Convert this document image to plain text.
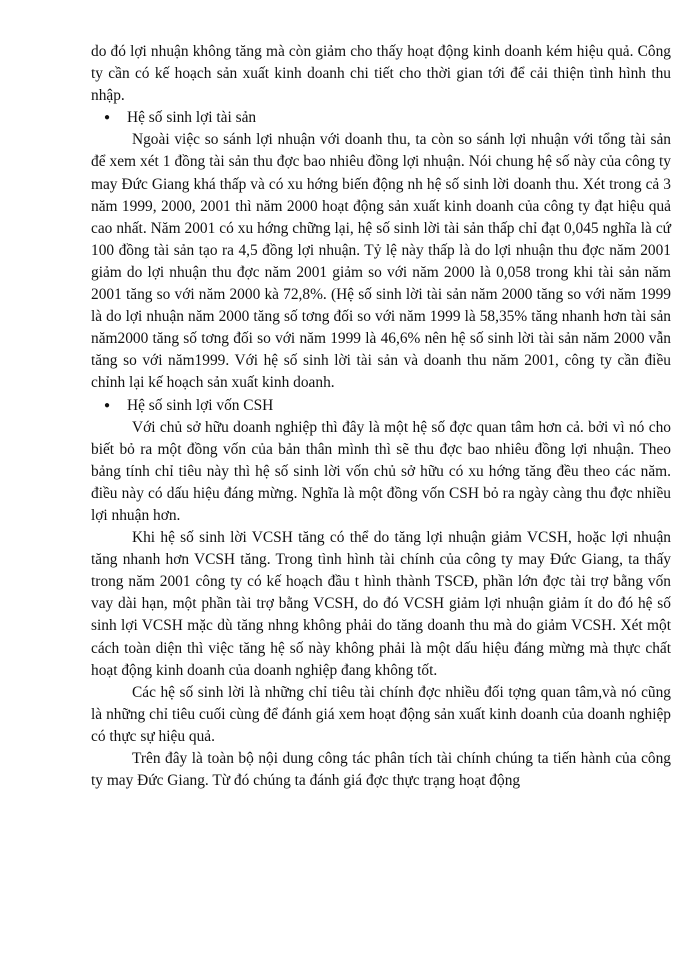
do đó lợi nhuận không tăng mà còn giảm cho thấy hoạt động kinh doanh kém hiệu quả. Công ty cần có kế hoạch sản xuất kinh doanh chi tiết cho thời gian tới để cải thiện tình hình thu nhập.

● Hệ số sinh lợi tài sản

Ngoài việc so sánh lợi nhuận với doanh thu, ta còn so sánh lợi nhuận với tổng tài sản để xem xét 1 đồng tài sản thu đợc bao nhiêu đồng lợi nhuận. Nói chung hệ số này của công ty may Đức Giang khá thấp và có xu hớng biến động nh hệ số sinh lời doanh thu. Xét trong cả 3 năm 1999, 2000, 2001 thì năm 2000 hoạt động sản xuất kinh doanh của công ty đạt hiệu quả cao nhất. Năm 2001 có xu hớng chững lại, hệ số sinh lời tài sản thấp chỉ đạt 0,045 nghĩa là cứ 100 đồng tài sản tạo ra 4,5 đồng lợi nhuận. Tỷ lệ này thấp là do lợi nhuận thu đợc năm 2001 giảm do lợi nhuận thu đợc năm 2001 giảm so với năm 2000 là 0,058 trong khi tài sản năm 2001 tăng so với năm 2000 kà 72,8%. (Hệ số sinh lời tài sản năm 2000 tăng so với năm 1999 là do lợi nhuận năm 2000 tăng số tơng đối so với năm 1999 là 58,35% tăng nhanh hơn tài sản năm2000 tăng số tơng đối so với năm 1999 là 46,6% nên hệ số sinh lời tài sản năm 2000 vẫn tăng so với năm1999. Với hệ số sinh lời tài sản và doanh thu năm 2001, công ty cần điều chỉnh lại kế hoạch sản xuất kinh doanh.

● Hệ số sinh lợi vốn CSH

Với chủ sở hữu doanh nghiệp thì đây là một hệ số đợc quan tâm hơn cả. bởi vì nó cho biết bỏ ra một đồng vốn của bản thân mình thì sẽ thu đợc bao nhiêu đồng lợi nhuận. Theo bảng tính chỉ tiêu này thì hệ số sinh lời vốn chủ sở hữu có xu hớng tăng đều theo các năm. điều này có dấu hiệu đáng mừng. Nghĩa là một đồng vốn CSH bỏ ra ngày càng thu đợc nhiều lợi nhuận hơn.

Khi hệ số sinh lời VCSH tăng có thể do tăng lợi nhuận giảm VCSH, hoặc lợi nhuận tăng nhanh hơn VCSH tăng. Trong tình hình tài chính của công ty may Đức Giang, ta thấy trong năm 2001 công ty có kế hoạch đầu t hình thành TSCĐ, phần lớn đợc tài trợ bằng vốn vay dài hạn, một phần tài trợ bằng VCSH, do đó VCSH giảm lợi nhuận giảm ít do đó hệ số sinh lợi VCSH mặc dù tăng nhng không phải do tăng doanh thu mà do giảm VCSH. Xét một cách toàn diện thì việc tăng hệ số này không phải là một dấu hiệu đáng mừng mà thực chất hoạt động kinh doanh của doanh nghiệp đang không tốt.

Các hệ số sinh lời là những chỉ tiêu tài chính đợc nhiều đối tợng quan tâm,và nó cũng là những chỉ tiêu cuối cùng để đánh giá xem hoạt động sản xuất kinh doanh của doanh nghiệp có thực sự hiệu quả.

Trên đây là toàn bộ nội dung công tác phân tích tài chính chúng ta tiến hành của công ty may Đức Giang. Từ đó chúng ta đánh giá đợc thực trạng hoạt động
